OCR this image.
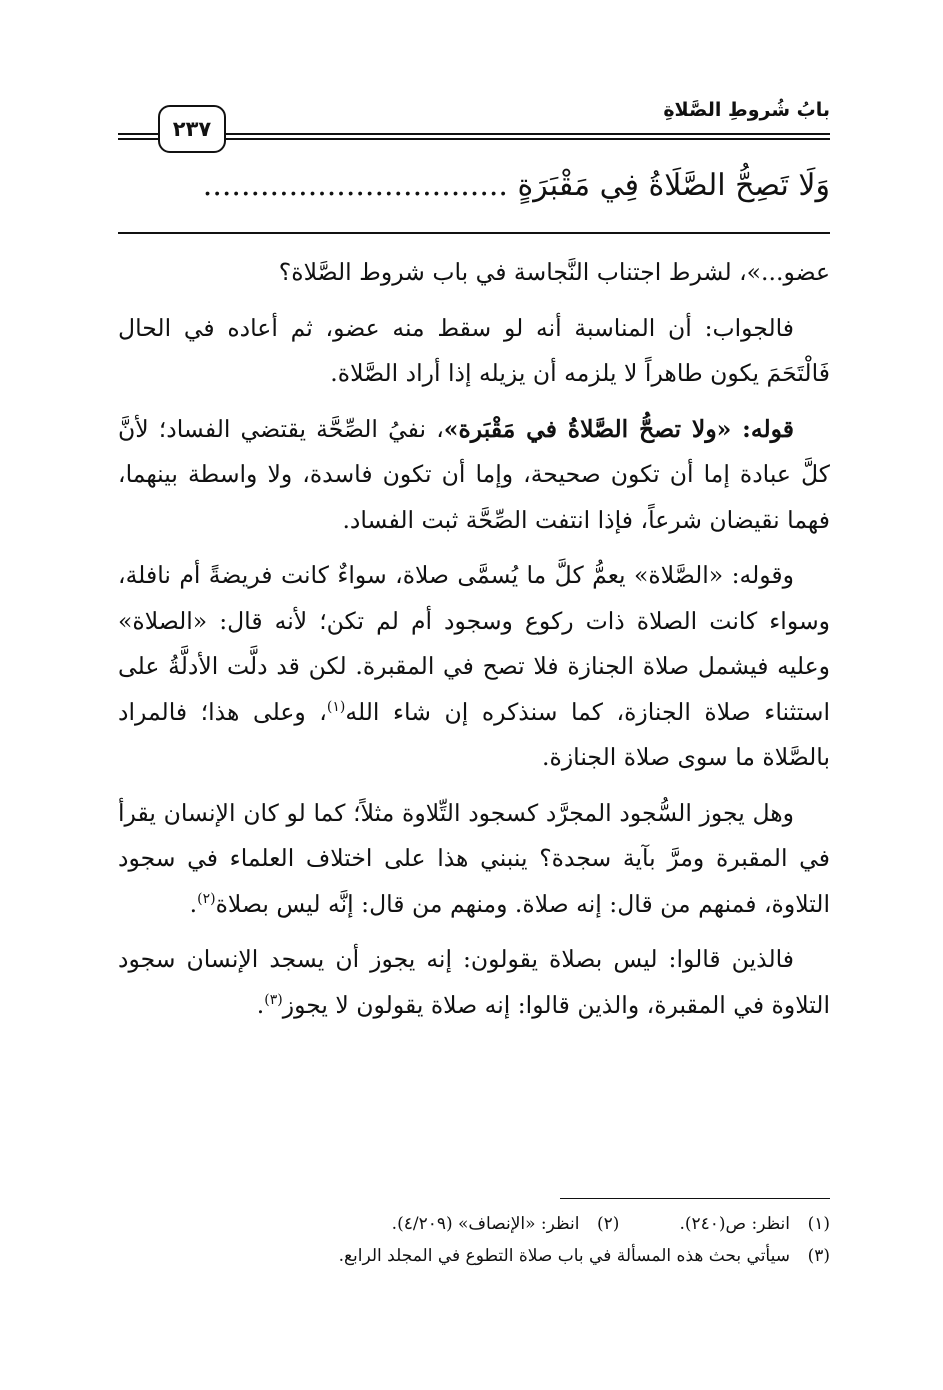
بابُ شُروطِ الصَّلاةِ
٢٣٧
وَلَا تَصِحُّ الصَّلَاةُ فِي مَقْبَرَةٍ ................................

عضو...»، لشرط اجتناب النَّجاسة في باب شروط الصَّلاة؟

فالجواب: أن المناسبة أنه لو سقط منه عضو، ثم أعاده في الحال فَالْتَحَمَ يكون طاهراً لا يلزمه أن يزيله إذا أراد الصَّلاة.

قوله: «ولا تصحُّ الصَّلاةُ في مَقْبَرة»، نفيُ الصِّحَّة يقتضي الفساد؛ لأنَّ كلَّ عبادة إما أن تكون صحيحة، وإما أن تكون فاسدة، ولا واسطة بينهما، فهما نقيضان شرعاً، فإذا انتفت الصِّحَّة ثبت الفساد.

وقوله: «الصَّلاة» يعمُّ كلَّ ما يُسمَّى صلاة، سواءٌ كانت فريضةً أم نافلة، وسواء كانت الصلاة ذات ركوع وسجود أم لم تكن؛ لأنه قال: «الصلاة» وعليه فيشمل صلاة الجنازة فلا تصح في المقبرة. لكن قد دلَّت الأدلَّةُ على استثناء صلاة الجنازة، كما سنذكره إن شاء الله$^{(١)}$، وعلى هذا؛ فالمراد بالصَّلاة ما سوى صلاة الجنازة.

وهل يجوز السُّجود المجرَّد كسجود التِّلاوة مثلاً؛ كما لو كان الإنسان يقرأ في المقبرة ومرَّ بآية سجدة؟ ينبني هذا على اختلاف العلماء في سجود التلاوة، فمنهم من قال: إنه صلاة. ومنهم من قال: إنَّه ليس بصلاة$^{(٢)}$.

فالذين قالوا: ليس بصلاة يقولون: إنه يجوز أن يسجد الإنسان سجود التلاوة في المقبرة، والذين قالوا: إنه صلاة يقولون لا يجوز$^{(٣)}$.

(١)انظر: ص(٢٤٠).
(٢)انظر: «الإنصاف» (٤/٢٠٩).
(٣)سيأتي بحث هذه المسألة في باب صلاة التطوع في المجلد الرابع.
